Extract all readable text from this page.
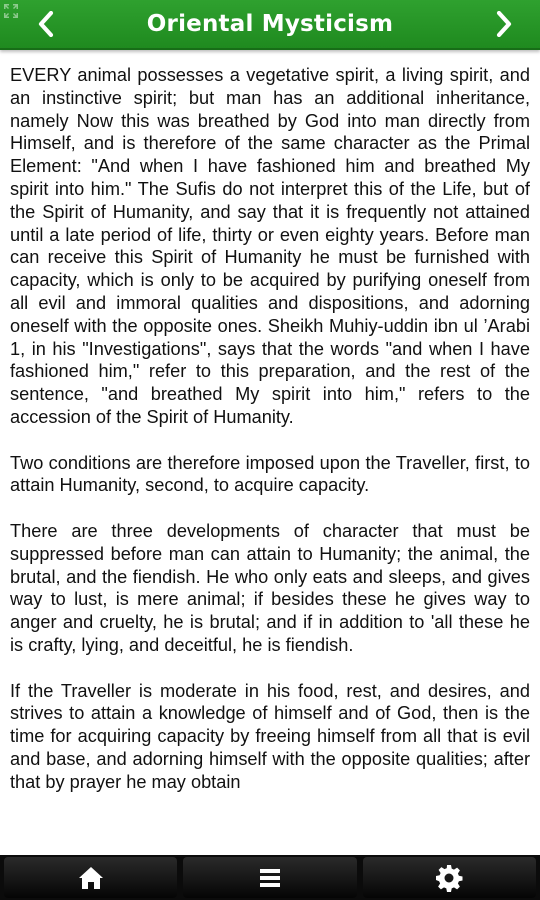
Oriental Mysticism

EVERY animal possesses a vegetative spirit, a living spirit, and an instinctive spirit; but man has an additional inheritance, namely Now this was breathed by God into man directly from Himself, and is therefore of the same character as the Primal Element: "And when I have fashioned him and breathed My spirit into him." The Sufis do not interpret this of the Life, but of the Spirit of Humanity, and say that it is frequently not attained until a late period of life, thirty or even eighty years. Before man can receive this Spirit of Humanity he must be furnished with capacity, which is only to be acquired by purifying oneself from all evil and immoral qualities and dispositions, and adorning oneself with the opposite ones. Sheikh Muhiy-uddin ibn ul ’Arabi 1, in his "Investigations", says that the words "and when I have fashioned him," refer to this preparation, and the rest of the sentence, "and breathed My spirit into him," refers to the accession of the Spirit of Humanity.

Two conditions are therefore imposed upon the Traveller, first, to attain Humanity, second, to acquire capacity.

There are three developments of character that must be suppressed before man can attain to Humanity; the animal, the brutal, and the fiendish. He who only eats and sleeps, and gives way to lust, is mere animal; if besides these he gives way to anger and cruelty, he is brutal; and if in addition to 'all these he is crafty, lying, and deceitful, he is fiendish.

If the Traveller is moderate in his food, rest, and desires, and strives to attain a knowledge of himself and of God, then is the time for acquiring capacity by freeing himself from all that is evil and base, and adorning himself with the opposite qualities; after that by prayer he may obtain
